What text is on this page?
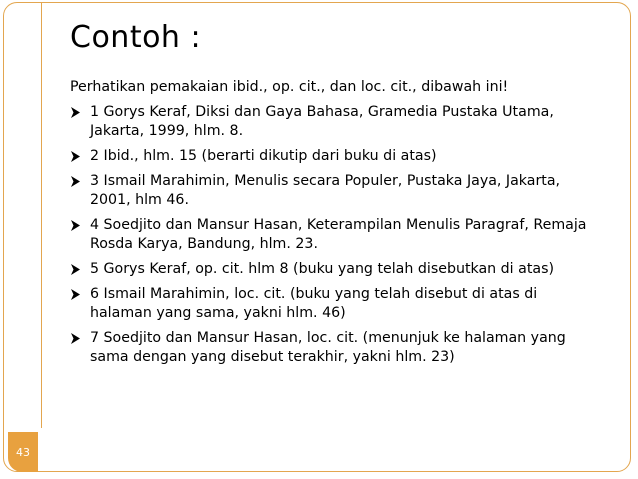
Contoh :

Perhatikan pemakaian ibid., op. cit., dan loc. cit., dibawah ini!

1 Gorys Keraf, Diksi dan Gaya Bahasa, Gramedia Pustaka Utama,
Jakarta, 1999, hlm. 8.
2 Ibid., hlm. 15 (berarti dikutip dari buku di atas)
3 Ismail Marahimin, Menulis secara Populer, Pustaka Jaya, Jakarta,
2001, hlm 46.
4 Soedjito dan Mansur Hasan, Keterampilan Menulis Paragraf, Remaja
Rosda Karya, Bandung, hlm. 23.
5 Gorys Keraf, op. cit. hlm 8 (buku yang telah disebutkan di atas)
6 Ismail Marahimin, loc. cit. (buku yang telah disebut di atas di
halaman yang sama, yakni hlm. 46)
7 Soedjito dan Mansur Hasan, loc. cit. (menunjuk ke halaman yang
sama dengan yang disebut terakhir, yakni hlm. 23)
43
